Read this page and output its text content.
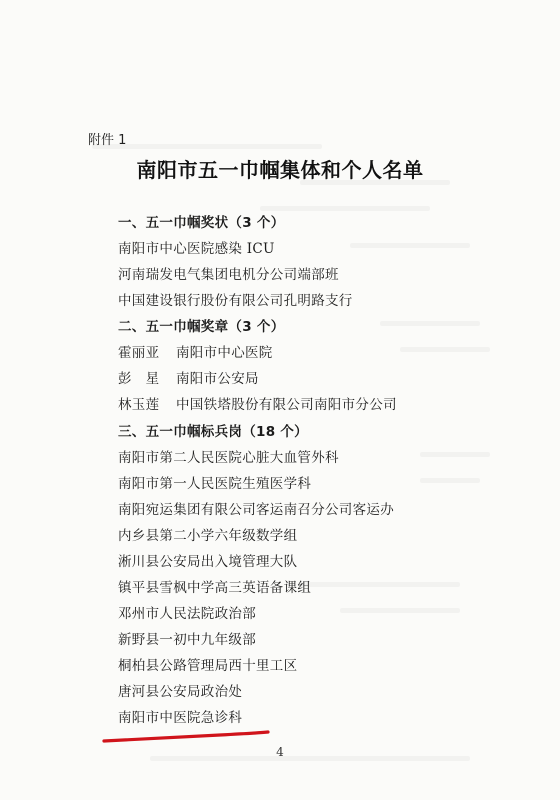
附件 1
南阳市五一巾帼集体和个人名单
一、五一巾帼奖状（3 个）
南阳市中心医院感染 ICU
河南瑞发电气集团电机分公司端部班
中国建设银行股份有限公司孔明路支行
二、五一巾帼奖章（3 个）
霍丽亚 南阳市中心医院
彭　星 南阳市公安局
林玉莲 中国铁塔股份有限公司南阳市分公司
三、五一巾帼标兵岗（18 个）
南阳市第二人民医院心脏大血管外科
南阳市第一人民医院生殖医学科
南阳宛运集团有限公司客运南召分公司客运办
内乡县第二小学六年级数学组
淅川县公安局出入境管理大队
镇平县雪枫中学高三英语备课组
邓州市人民法院政治部
新野县一初中九年级部
桐柏县公路管理局西十里工区
唐河县公安局政治处
南阳市中医院急诊科
4
